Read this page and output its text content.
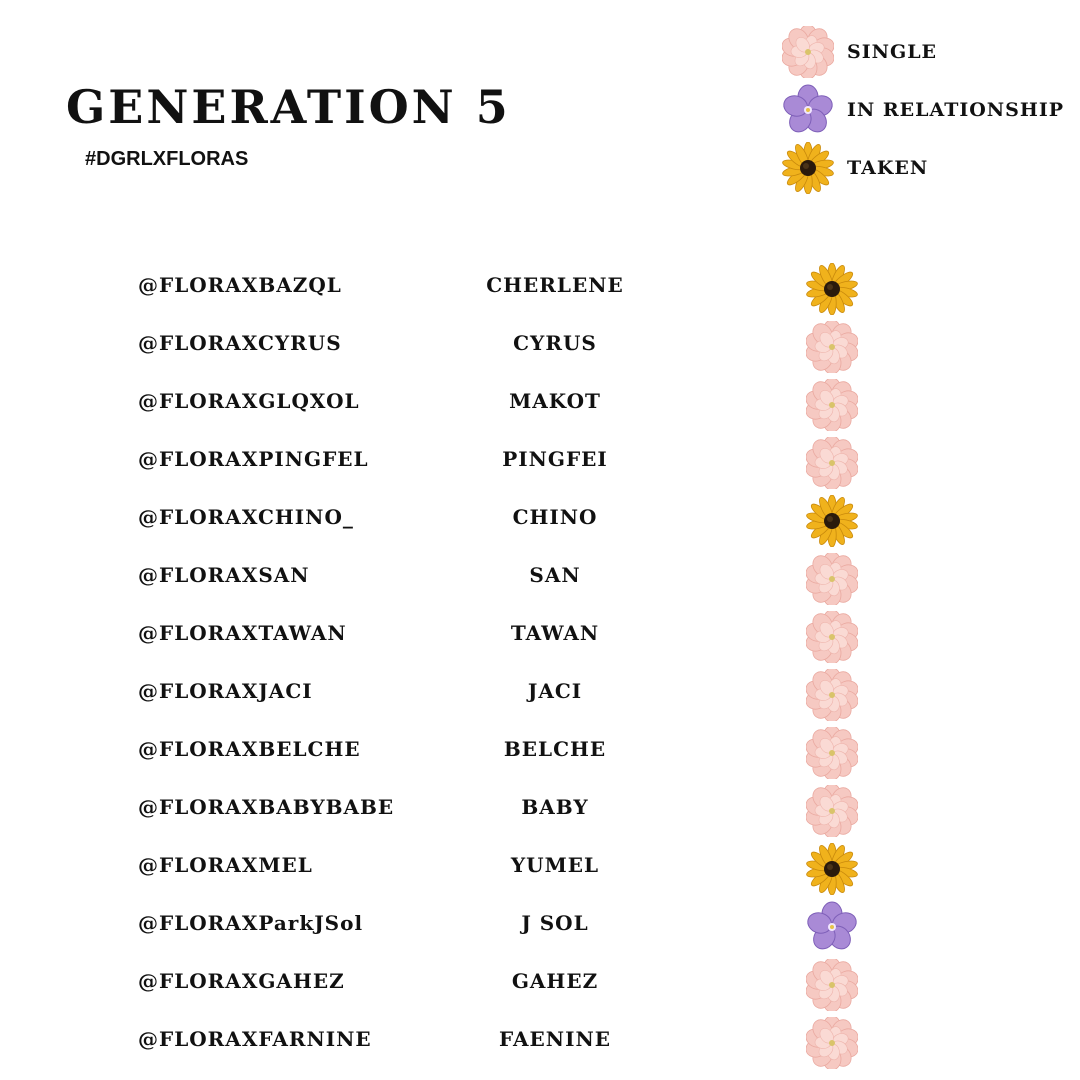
GENERATION 5
#DGRLXFLORAS
SINGLE
IN RELATIONSHIP
TAKEN
@FLORAXBAZQL	CHERLENE
@FLORAXCYRUS	CYRUS
@FLORAXGLQXOL	MAKOT
@FLORAXPINGFEL	PINGFEI
@FLORAXCHINO_	CHINO
@FLORAXSAN	SAN
@FLORAXTAWAN	TAWAN
@FLORAXJACI	JACI
@FLORAXBELCHE	BELCHE
@FLORAXBABYBABE	BABY
@FLORAXMEL	YUMEL
@FLORAXParkJSol	J SOL
@FLORAXGAHEZ	GAHEZ
@FLORAXFARNINE	FAENINE
